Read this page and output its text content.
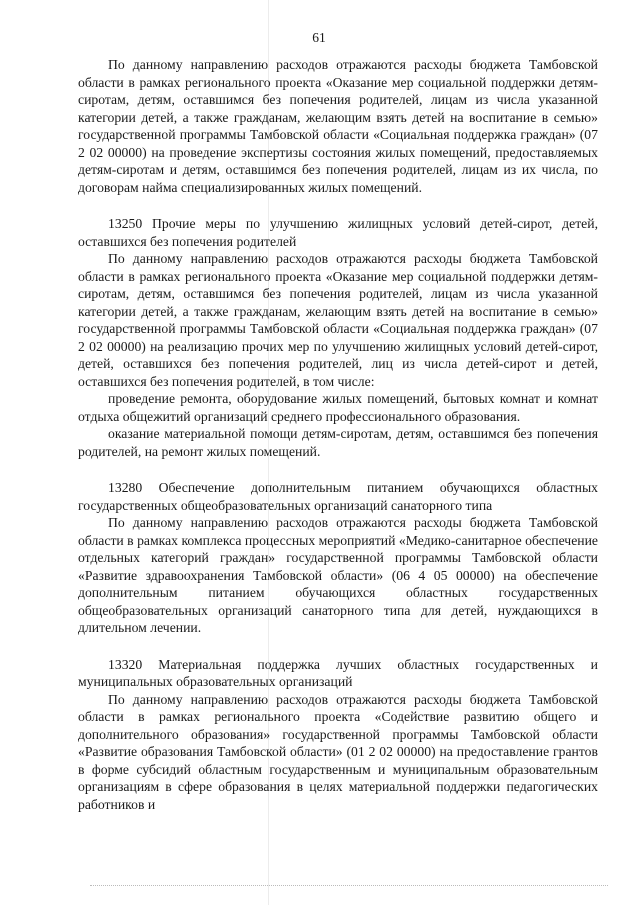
61

По данному направлению расходов отражаются расходы бюджета Тамбовской области в рамках регионального проекта «Оказание мер социальной поддержки детям-сиротам, детям, оставшимся без попечения родителей, лицам из числа указанной категории детей, а также гражданам, желающим взять детей на воспитание в семью» государственной программы Тамбовской области «Социальная поддержка граждан» (07 2 02 00000) на проведение экспертизы состояния жилых помещений, предоставляемых детям-сиротам и детям, оставшимся без попечения родителей, лицам из их числа, по договорам найма специализированных жилых помещений.

13250 Прочие меры по улучшению жилищных условий детей-сирот, детей, оставшихся без попечения родителей

По данному направлению расходов отражаются расходы бюджета Тамбовской области в рамках регионального проекта «Оказание мер социальной поддержки детям-сиротам, детям, оставшимся без попечения родителей, лицам из числа указанной категории детей, а также гражданам, желающим взять детей на воспитание в семью» государственной программы Тамбовской области «Социальная поддержка граждан» (07 2 02 00000) на реализацию прочих мер по улучшению жилищных условий детей-сирот, детей, оставшихся без попечения родителей, лиц из числа детей-сирот и детей, оставшихся без попечения родителей, в том числе:

проведение ремонта, оборудование жилых помещений, бытовых комнат и комнат отдыха общежитий организаций среднего профессионального образования.

оказание материальной помощи детям-сиротам, детям, оставшимся без попечения родителей, на ремонт жилых помещений.

13280 Обеспечение дополнительным питанием обучающихся областных государственных общеобразовательных организаций санаторного типа

По данному направлению расходов отражаются расходы бюджета Тамбовской области в рамках комплекса процессных мероприятий «Медико-санитарное обеспечение отдельных категорий граждан» государственной программы Тамбовской области «Развитие здравоохранения Тамбовской области» (06 4 05 00000) на обеспечение дополнительным питанием обучающихся областных государственных общеобразовательных организаций санаторного типа для детей, нуждающихся в длительном лечении.

13320 Материальная поддержка лучших областных государственных и муниципальных образовательных организаций

По данному направлению расходов отражаются расходы бюджета Тамбовской области в рамках регионального проекта «Содействие развитию общего и дополнительного образования» государственной программы Тамбовской области «Развитие образования Тамбовской области» (01 2 02 00000) на предоставление грантов в форме субсидий областным государственным и муниципальным образовательным организациям в сфере образования в целях материальной поддержки педагогических работников и
